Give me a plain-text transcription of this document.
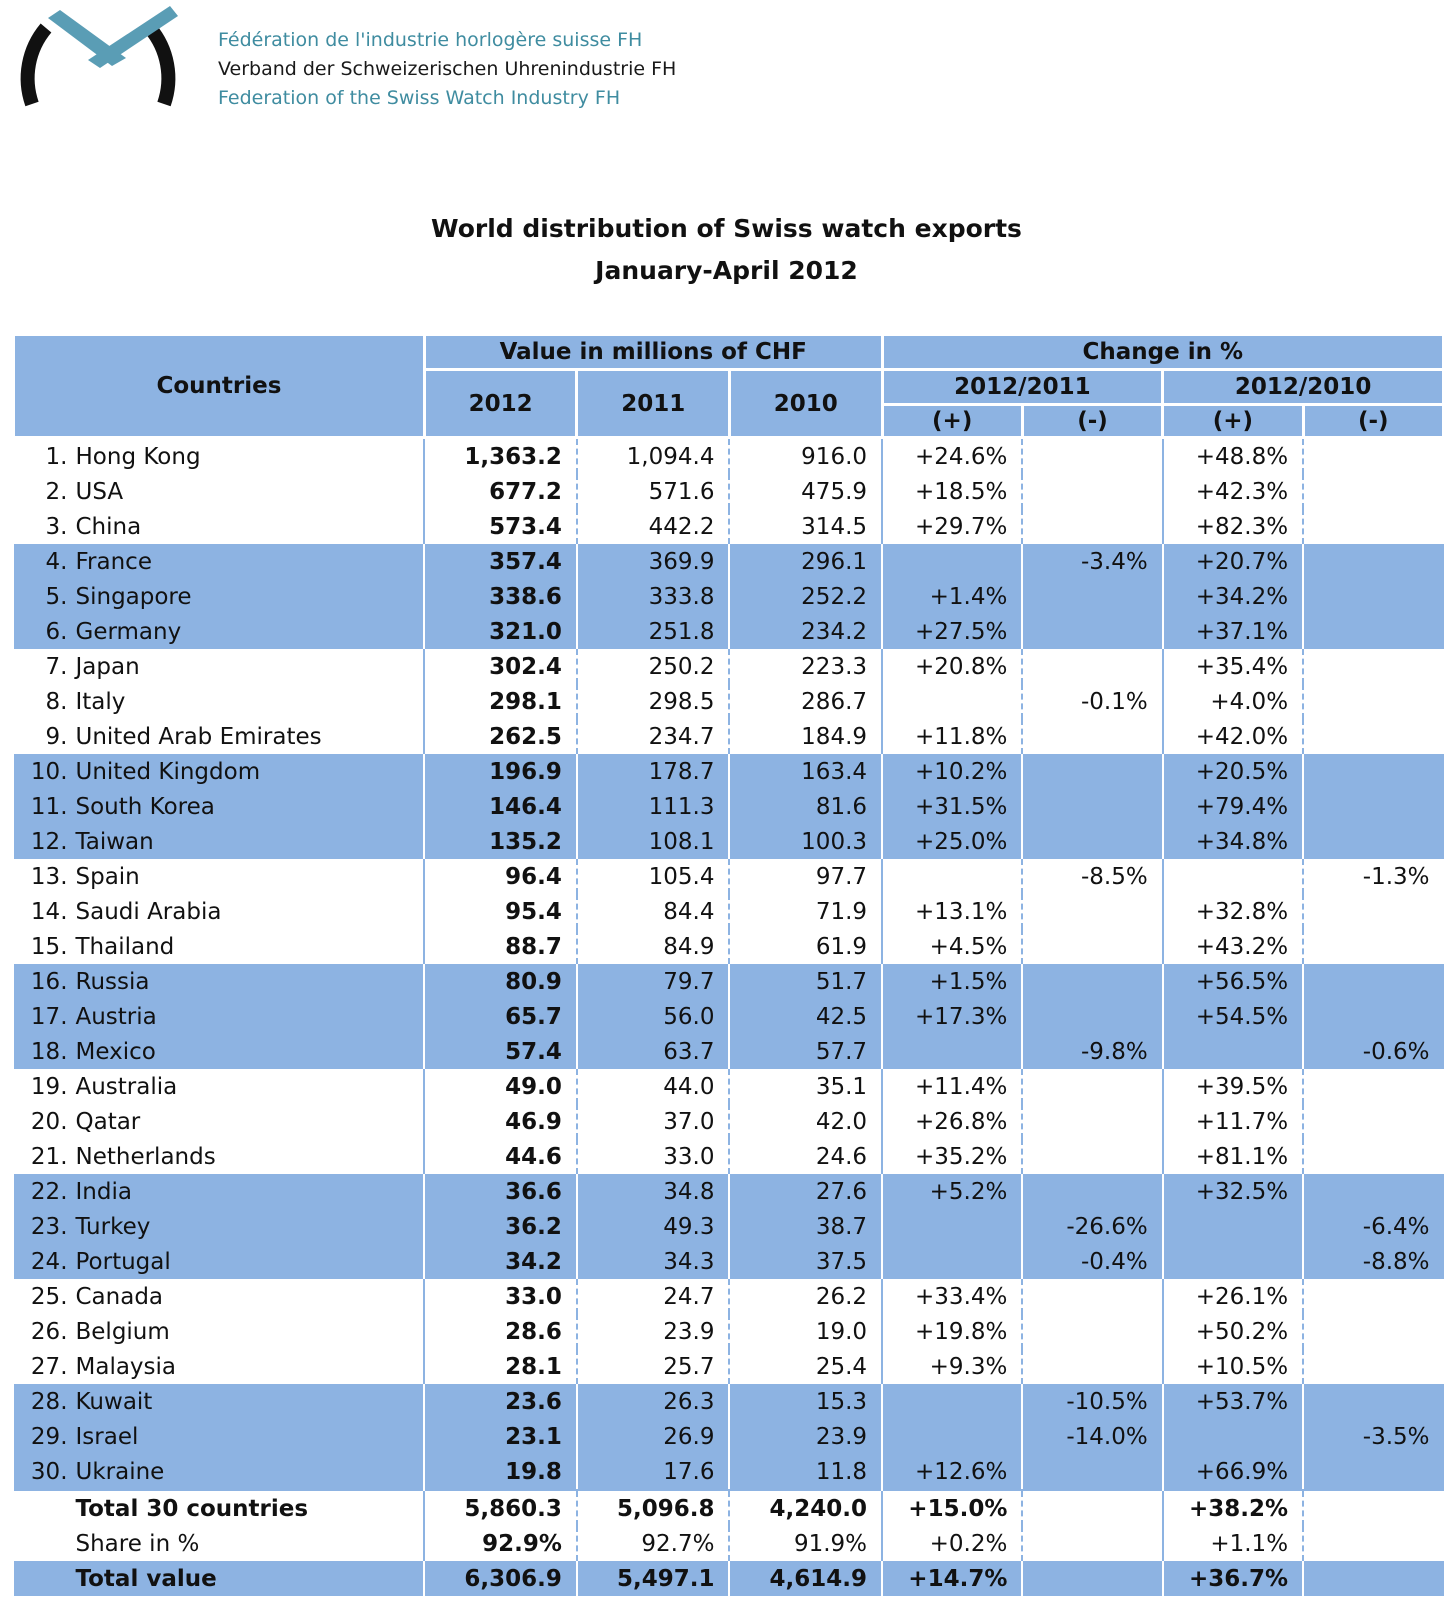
Fédération de l'industrie horlogère suisse FH
Verband der Schweizerischen Uhrenindustrie FH
Federation of the Swiss Watch Industry FH
World distribution of Swiss watch exports
January-April 2012
Countries	Value in millions of CHF			Change in %			
	2012	2011	2010	2012/2011		2012/2010	
				(+)	(-)	(+)	(-)
1. Hong Kong	1,363.2	1,094.4	916.0	+24.6%		+48.8%	
2. USA	677.2	571.6	475.9	+18.5%		+42.3%	
3. China	573.4	442.2	314.5	+29.7%		+82.3%	
4. France	357.4	369.9	296.1		-3.4%	+20.7%	
5. Singapore	338.6	333.8	252.2	+1.4%		+34.2%	
6. Germany	321.0	251.8	234.2	+27.5%		+37.1%	
7. Japan	302.4	250.2	223.3	+20.8%		+35.4%	
8. Italy	298.1	298.5	286.7		-0.1%	+4.0%	
9. United Arab Emirates	262.5	234.7	184.9	+11.8%		+42.0%	
10. United Kingdom	196.9	178.7	163.4	+10.2%		+20.5%	
11. South Korea	146.4	111.3	81.6	+31.5%		+79.4%	
12. Taiwan	135.2	108.1	100.3	+25.0%		+34.8%	
13. Spain	96.4	105.4	97.7		-8.5%		-1.3%
14. Saudi Arabia	95.4	84.4	71.9	+13.1%		+32.8%	
15. Thailand	88.7	84.9	61.9	+4.5%		+43.2%	
16. Russia	80.9	79.7	51.7	+1.5%		+56.5%	
17. Austria	65.7	56.0	42.5	+17.3%		+54.5%	
18. Mexico	57.4	63.7	57.7		-9.8%		-0.6%
19. Australia	49.0	44.0	35.1	+11.4%		+39.5%	
20. Qatar	46.9	37.0	42.0	+26.8%		+11.7%	
21. Netherlands	44.6	33.0	24.6	+35.2%		+81.1%	
22. India	36.6	34.8	27.6	+5.2%		+32.5%	
23. Turkey	36.2	49.3	38.7		-26.6%		-6.4%
24. Portugal	34.2	34.3	37.5		-0.4%		-8.8%
25. Canada	33.0	24.7	26.2	+33.4%		+26.1%	
26. Belgium	28.6	23.9	19.0	+19.8%		+50.2%	
27. Malaysia	28.1	25.7	25.4	+9.3%		+10.5%	
28. Kuwait	23.6	26.3	15.3		-10.5%	+53.7%	
29. Israel	23.1	26.9	23.9		-14.0%		-3.5%
30. Ukraine	19.8	17.6	11.8	+12.6%		+66.9%	
Total 30 countries	5,860.3	5,096.8	4,240.0	+15.0%		+38.2%	
Share in %	92.9%	92.7%	91.9%	+0.2%		+1.1%	
Total value	6,306.9	5,497.1	4,614.9	+14.7%		+36.7%	
